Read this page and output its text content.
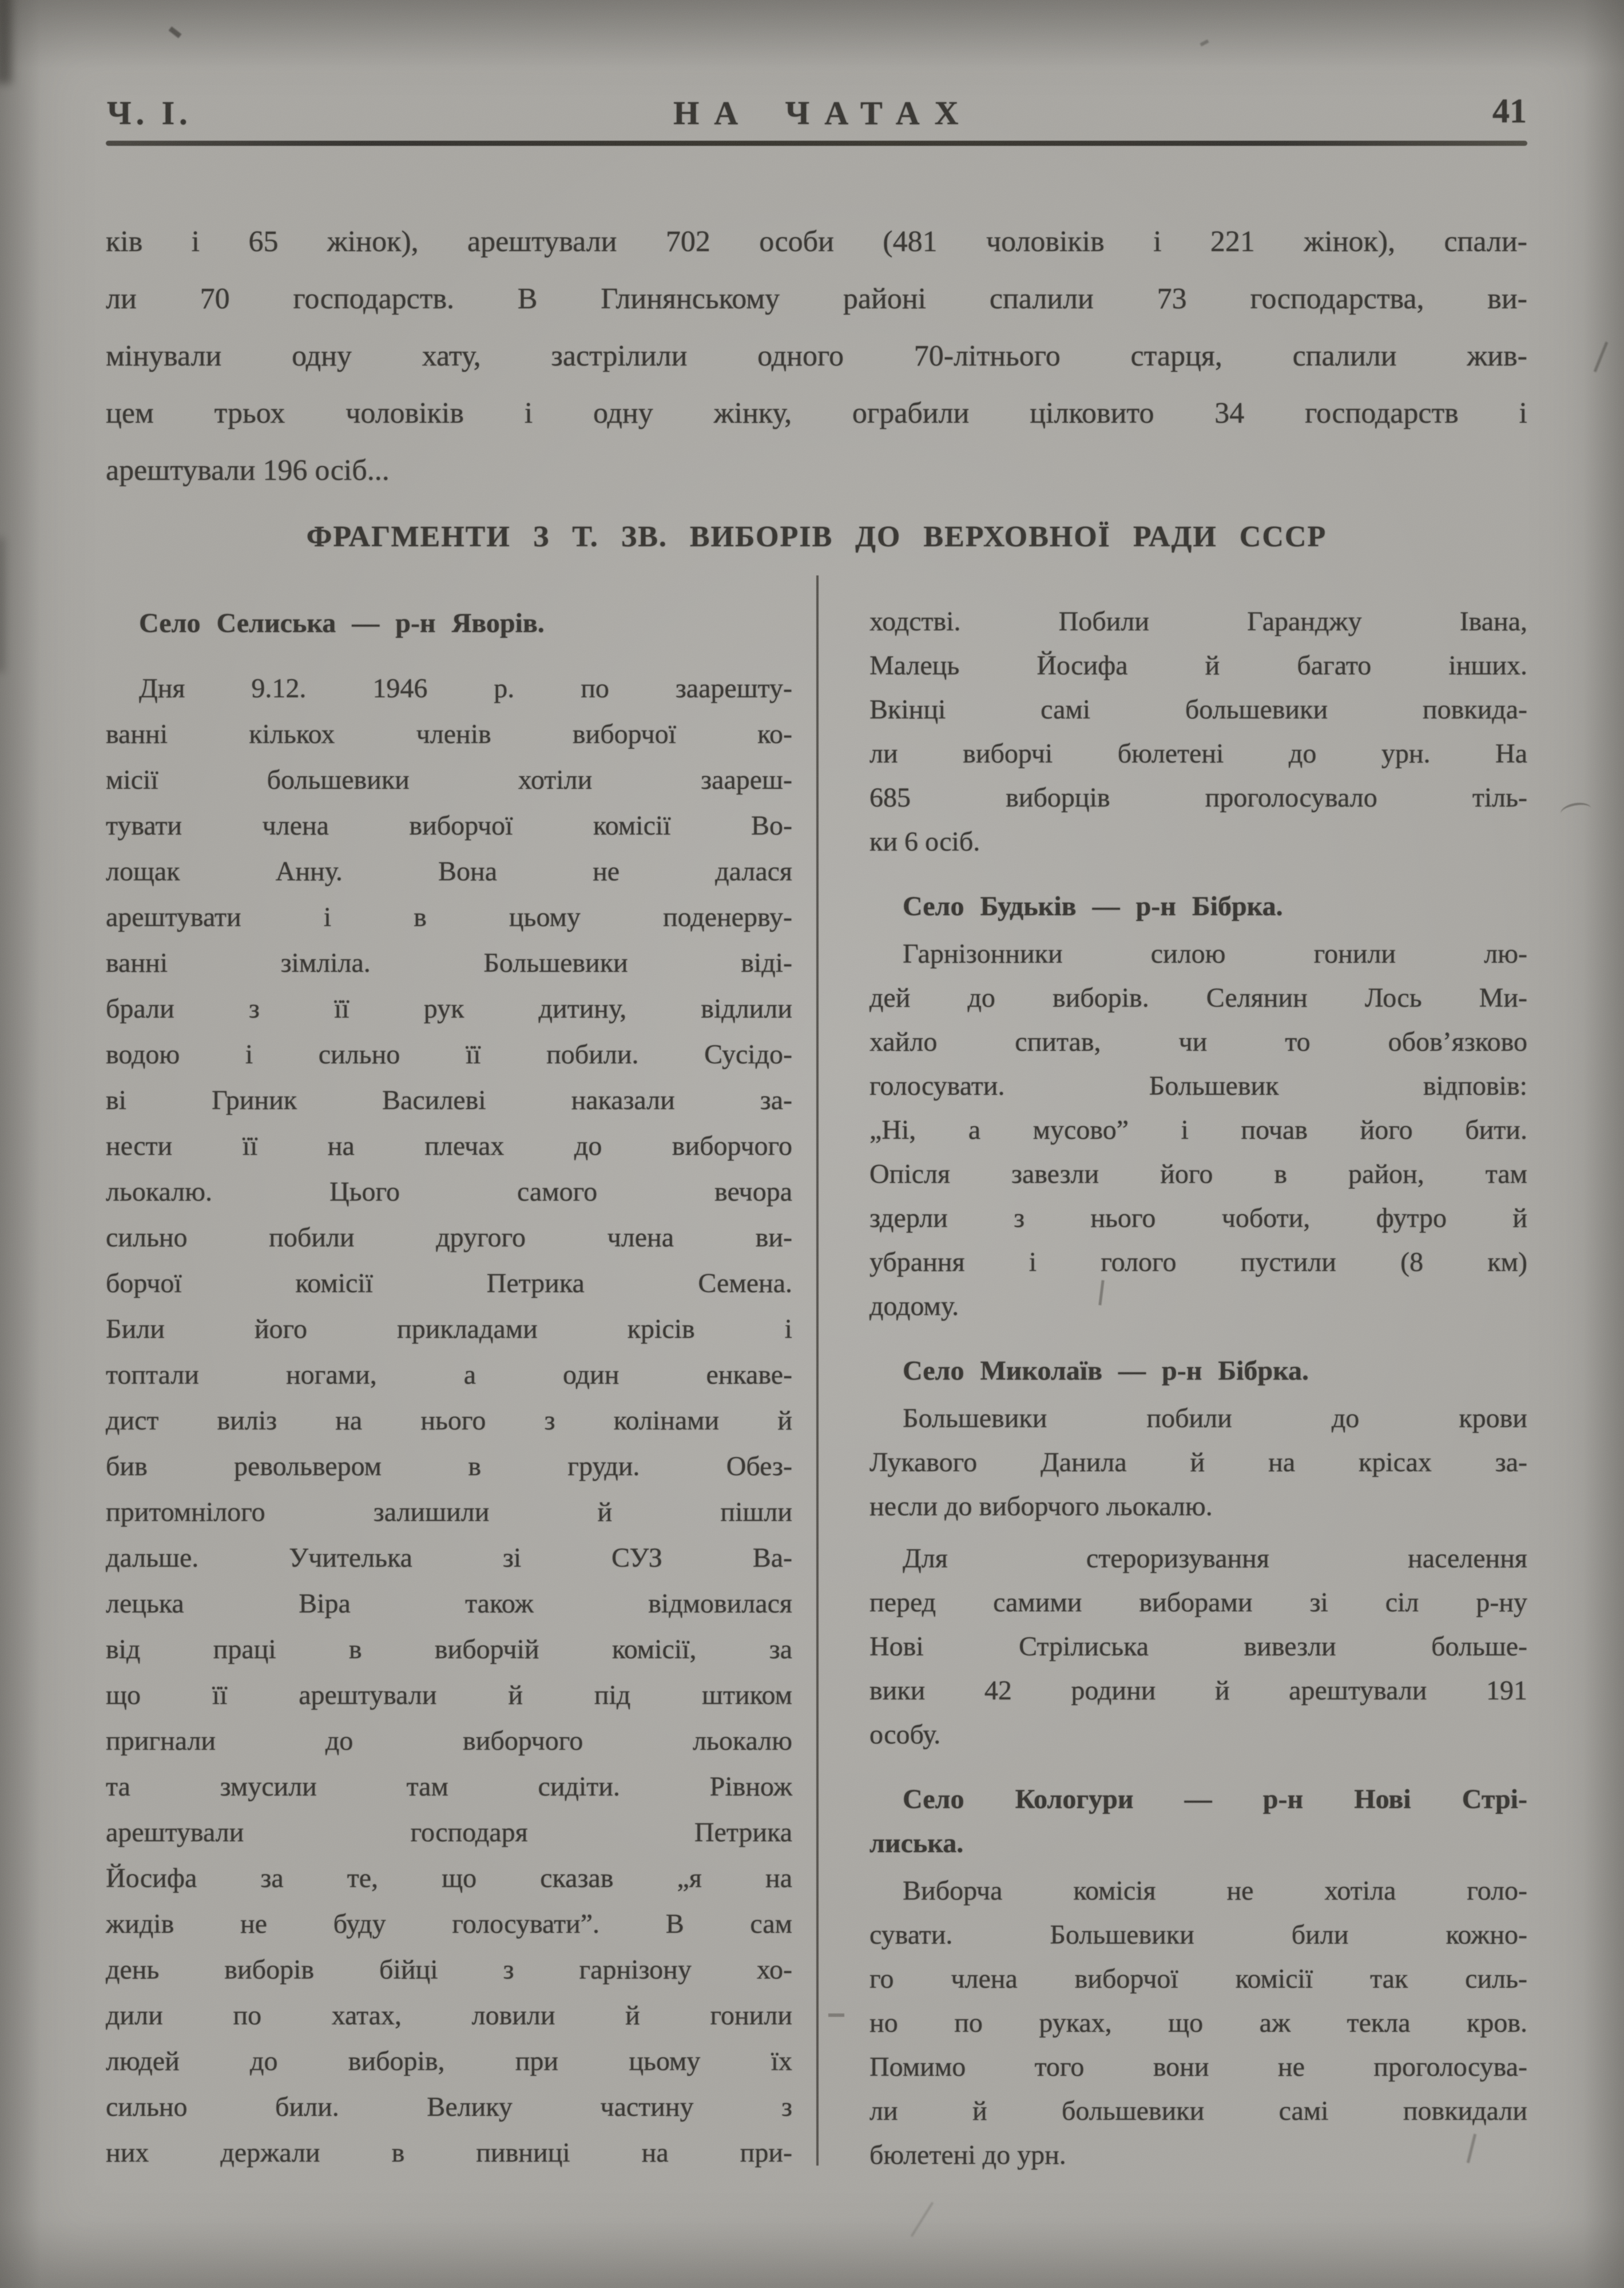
Ч. І.	НА ЧАТАХ	41
ків і 65 жінок), арештували 702 особи (481 чоловіків і 221 жінок), спали-
ли 70 господарств. В Глинянському районі спалили 73 господарства, ви-
мінували одну хату, застрілили одного 70-літнього старця, спалили жив-
цем трьох чоловіків і одну жінку, ограбили цілковито 34 господарств і
арештували 196 осіб...
ФРАГМЕНТИ З Т. ЗВ. ВИБОРІВ ДО ВЕРХОВНОЇ РАДИ СССР
Село Селиська — р-н Яворів.
Дня 9.12. 1946 р. по заарешту-
ванні кількох членів виборчої ко-
місії большевики хотіли заареш-
тувати члена виборчої комісії Во-
лощак Анну. Вона не далася
арештувати і в цьому поденерву-
ванні зімліла. Большевики віді-
брали з її рук дитину, відлили
водою і сильно її побили. Сусідо-
ві Гриник Василеві наказали за-
нести її на плечах до виборчого
льокалю. Цього самого вечора
сильно побили другого члена ви-
борчої комісії Петрика Семена.
Били його прикладами крісів і
топтали ногами, а один енкаве-
дист виліз на нього з колінами й
бив револьвером в груди. Обез-
притомнілого залишили й пішли
дальше. Учителька зі СУЗ Ва-
лецька Віра також відмовилася
від праці в виборчій комісії, за
що її арештували й під штиком
пригнали до виборчого льокалю
та змусили там сидіти. Рівнож
арештували господаря Петрика
Йосифа за те, що сказав „я на
жидів не буду голосувати”. В сам
день виборів бійці з гарнізону хо-
дили по хатах, ловили й гонили
людей до виборів, при цьому їх
сильно били. Велику частину з
них держали в пивниці на при-
ходстві. Побили Гаранджу Івана,
Малець Йосифа й багато інших.
Вкінці самі большевики повкида-
ли виборчі бюлетені до урн. На
685 виборців проголосувало тіль-
ки 6 осіб.
Село Будьків — р-н Бібрка.
Гарнізонники силою гонили лю-
дей до виборів. Селянин Лось Ми-
хайло спитав, чи то обов’язково
голосувати. Большевик відповів:
„Ні, а мусово” і почав його бити.
Опісля завезли його в район, там
здерли з нього чоботи, футро й
убрання і голого пустили (8 км)
додому.
Село Миколаїв — р-н Бібрка.
Большевики побили до крови
Лукавого Данила й на крісах за-
несли до виборчого льокалю.
Для стероризування населення
перед самими виборами зі сіл р-ну
Нові Стрілиська вивезли больше-
вики 42 родини й арештували 191
особу.
Село Кологури — р-н Нові Стрі-
лиська.
Виборча комісія не хотіла голо-
сувати. Большевики били кожно-
го члена виборчої комісії так силь-
но по руках, що аж текла кров.
Помимо того вони не проголосува-
ли й большевики самі повкидали
бюлетені до урн.
